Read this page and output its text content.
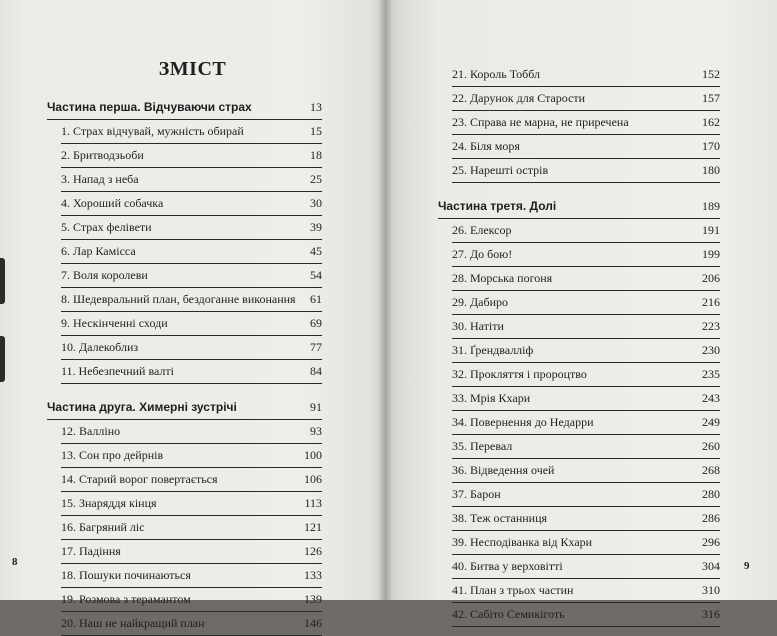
ЗМІСТ
Частина перша. Відчуваючи страх	13
1. Страх відчувай, мужність обирай	15
2. Бритводзьоби	18
3. Напад з неба	25
4. Хороший собачка	30
5. Страх фелівети	39
6. Лар Камісса	45
7. Воля королеви	54
8. Шедевральний план, бездоганне виконання 61
9. Нескінченні сходи	69
10. Далекоблиз	77
11. Небезпечний валті	84
Частина друга. Химерні зустрічі	91
12. Валліно	93
13. Сон про дейрнів	100
14. Старий ворог повертається	106
15. Знаряддя кінця	113
16. Багряний ліс	121
17. Падіння	126
18. Пошуки починаються	133
19. Розмова з терамантом	139
20. Наш не найкращий план	146
8
21. Король Тоббл	152
22. Дарунок для Старости	157
23. Справа не марна, не приречена	162
24. Біля моря	170
25. Нарешті острів	180
Частина третя. Долі	189
26. Елексор	191
27. До бою!	199
28. Морська погоня	206
29. Дабиро	216
30. Натіти	223
31. Ґрендвалліф	230
32. Прокляття і пророцтво	235
33. Мрія Кхари	243
34. Повернення до Недарри	249
35. Перевал	260
36. Відведення очей	268
37. Барон	280
38. Теж останниця	286
39. Несподіванка від Кхари	296
40. Битва у верховітті	304
41. План з трьох частин	310
42. Сабіто Семикіготь	316
9
